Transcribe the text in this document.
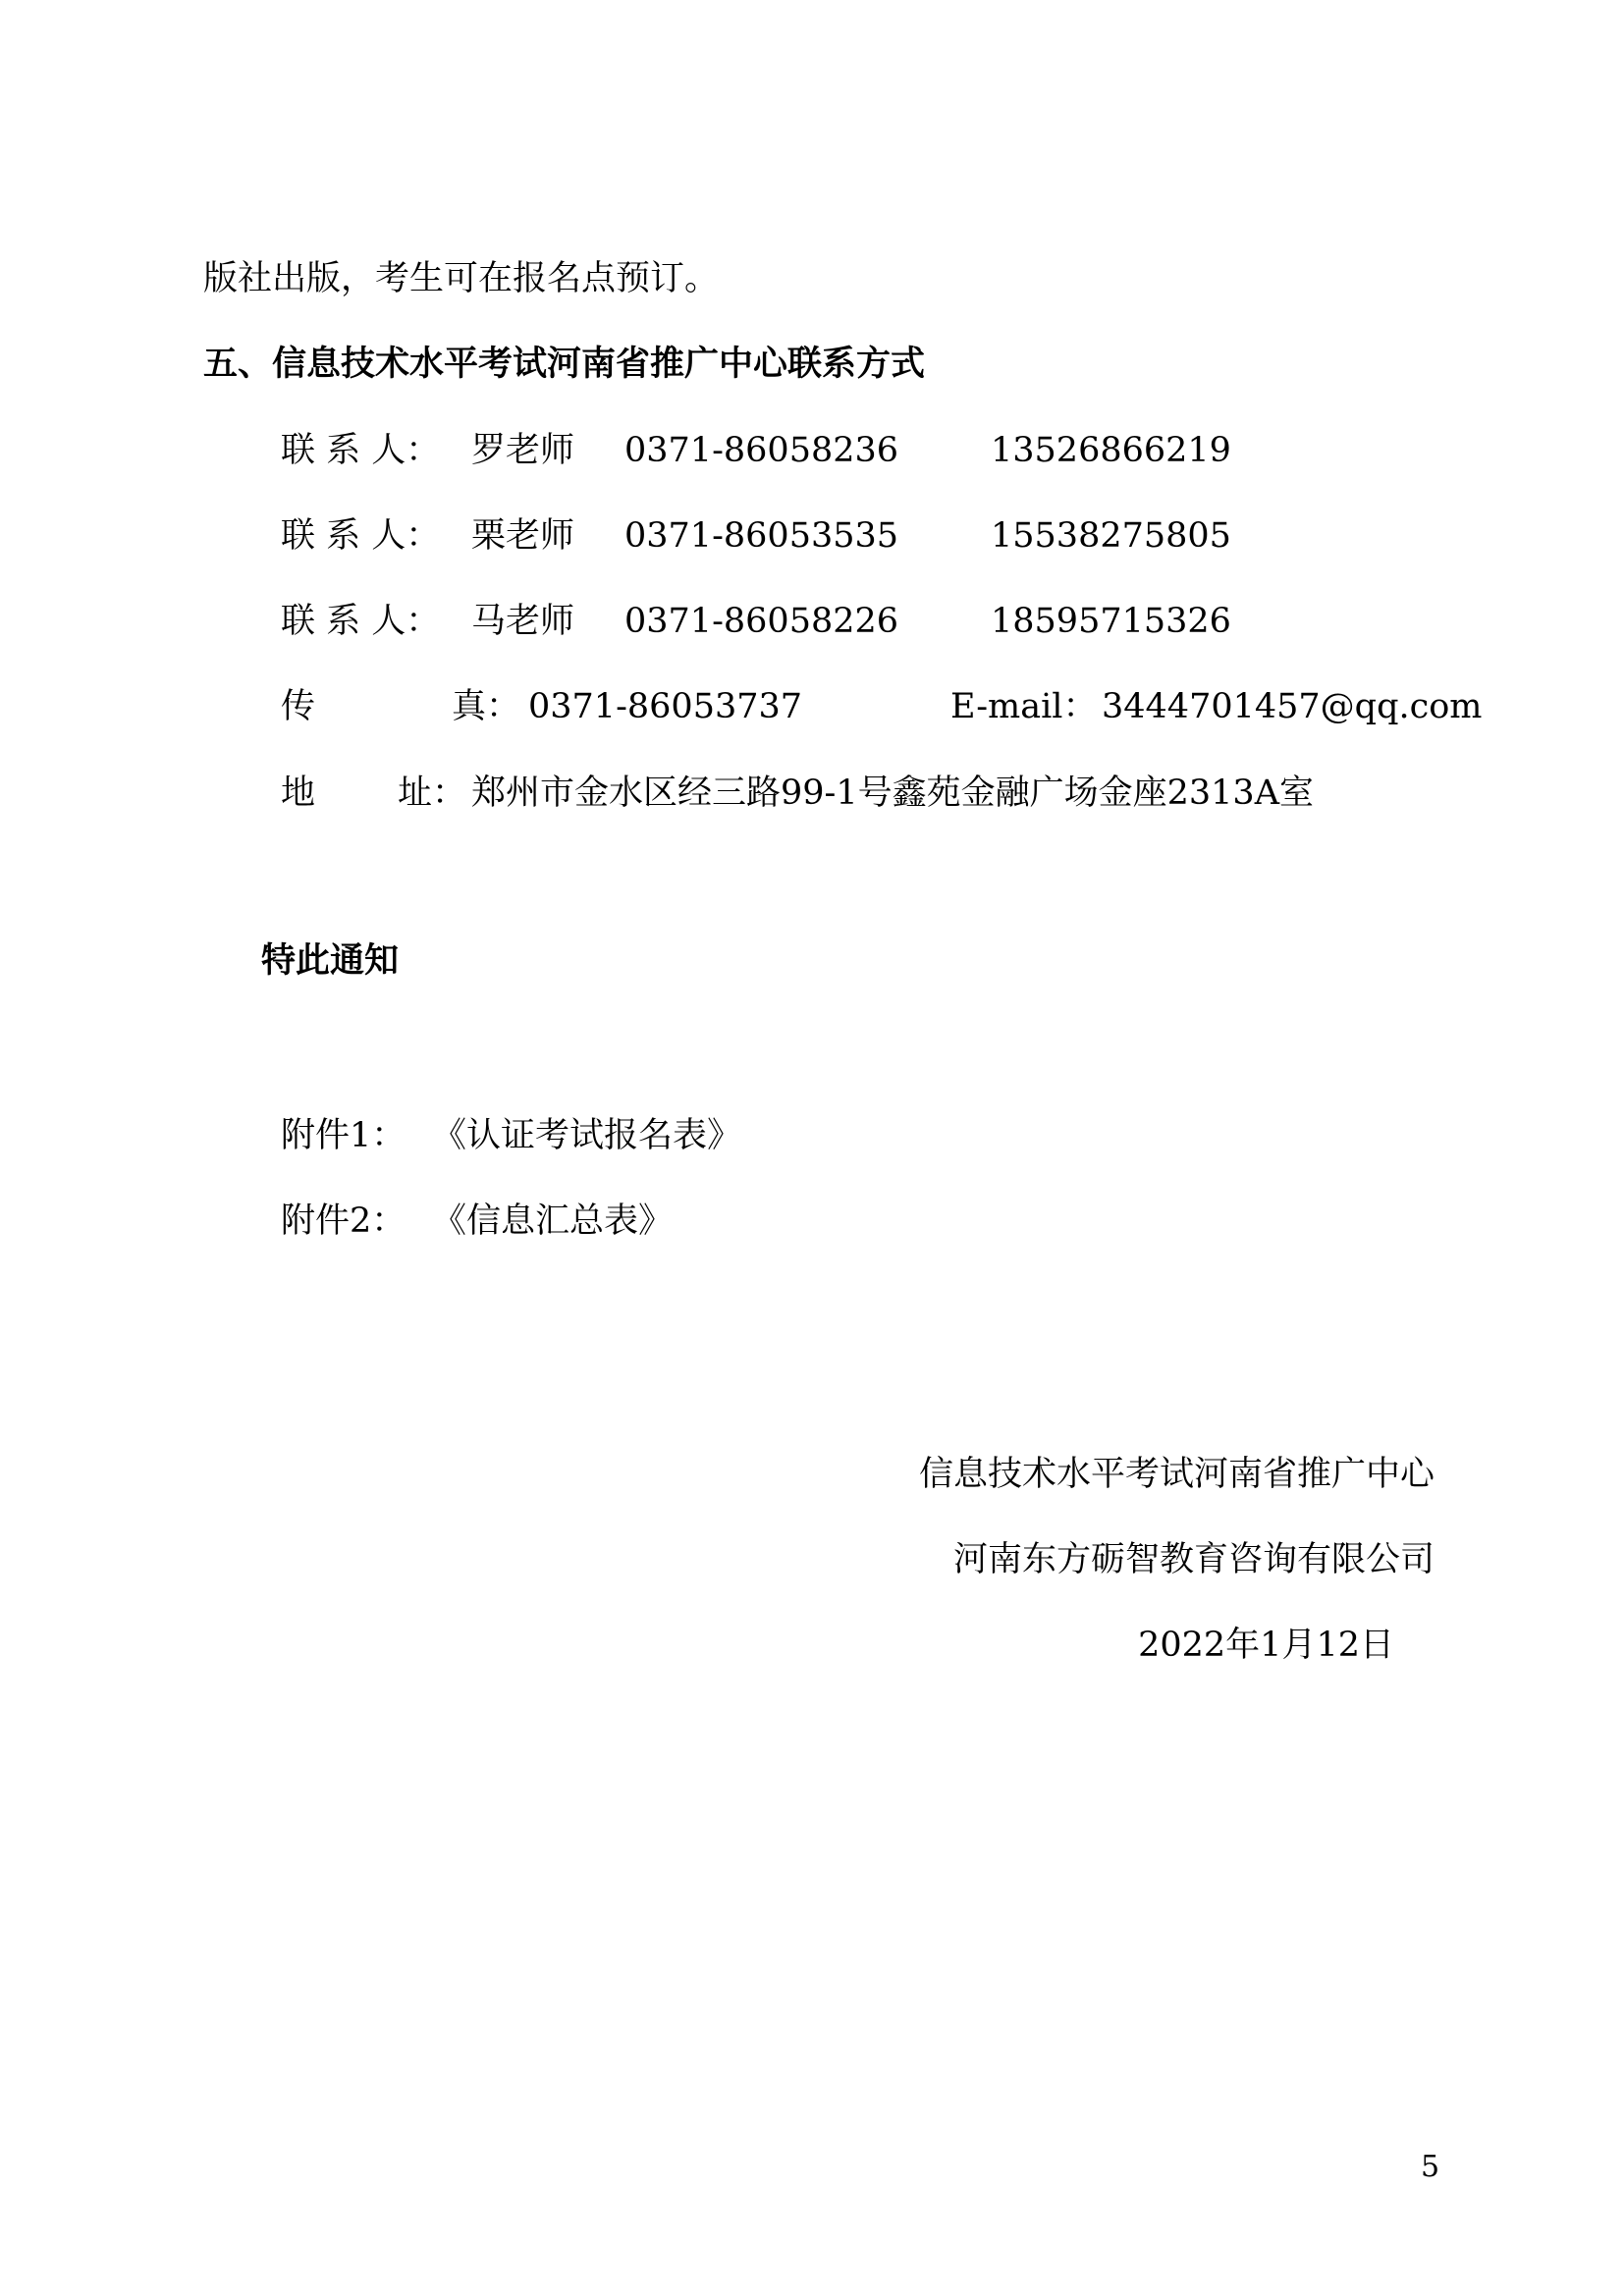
版社出版，考生可在报名点预订。
五、信息技术水平考试河南省推广中心联系方式
联 系 人： 罗老师 0371-86058236	13526866219
联 系 人： 栗老师 0371-86053535	15538275805
联 系 人： 马老师 0371-86058226	18595715326
传	真： 0371-86053737	E-mail： 3444701457@qq.com
地 址： 郑州市金水区经三路99-1号鑫苑金融广场金座2313A室
特此通知
附件1： 《认证考试报名表》
附件2： 《信息汇总表》
信息技术水平考试河南省推广中心
河南东方砺智教育咨询有限公司
2022年1月12日
5
